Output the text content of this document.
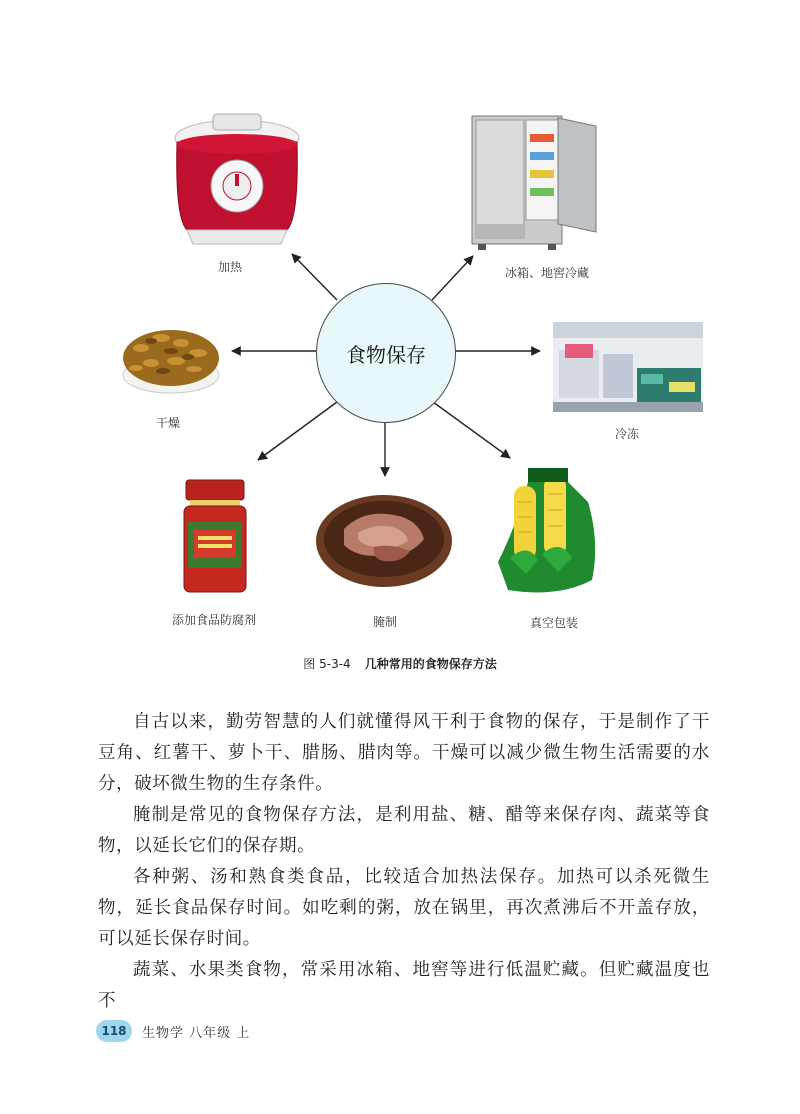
食物保存
加热	冰箱、地窖冷藏
干燥
冷冻
添加食品防腐剂	腌制	真空包装
图 5-3-4 几种常用的食物保存方法

自古以来，勤劳智慧的人们就懂得风干利于食物的保存，于是制作了干豆角、红薯干、萝卜干、腊肠、腊肉等。干燥可以减少微生物生活需要的水分，破坏微生物的生存条件。

腌制是常见的食物保存方法，是利用盐、糖、醋等来保存肉、蔬菜等食物，以延长它们的保存期。

各种粥、汤和熟食类食品，比较适合加热法保存。加热可以杀死微生物，延长食品保存时间。如吃剩的粥，放在锅里，再次煮沸后不开盖存放，可以延长保存时间。

蔬菜、水果类食物，常采用冰箱、地窖等进行低温贮藏。但贮藏温度也不

118	生物学 八年级 上
